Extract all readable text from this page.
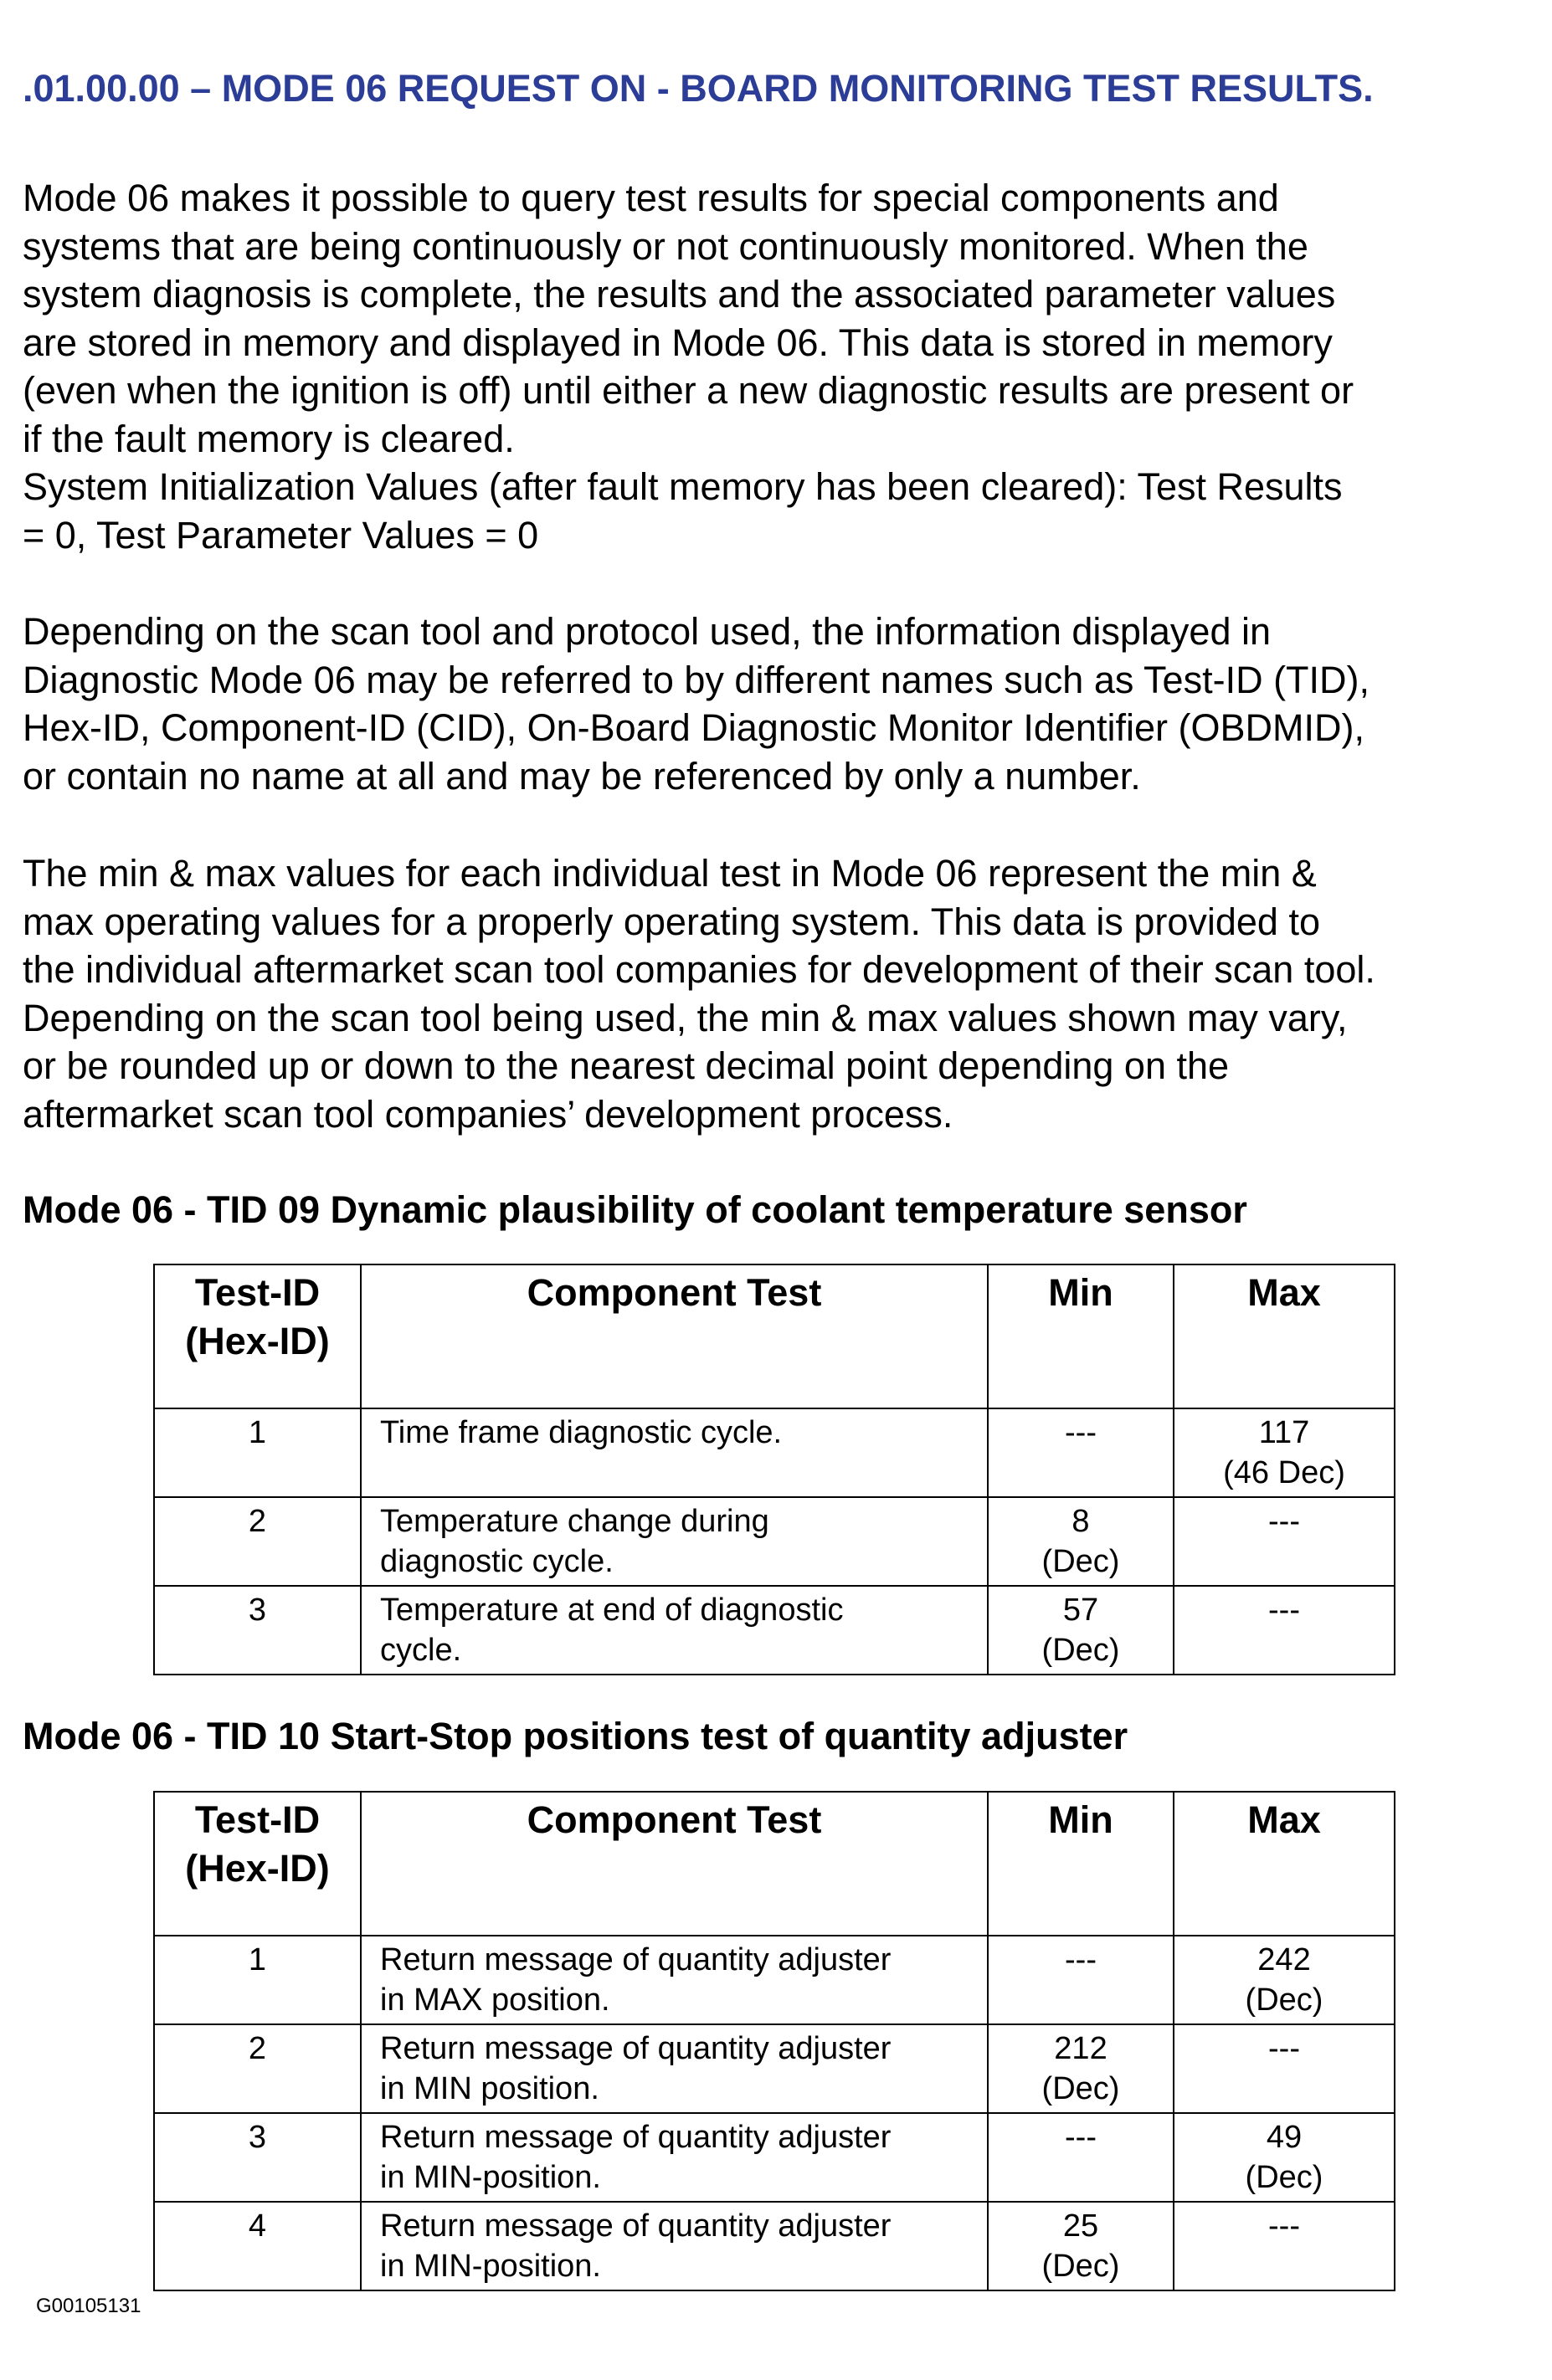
.01.00.00 – MODE 06 REQUEST ON - BOARD MONITORING TEST RESULTS.
Mode 06 makes it possible to query test results for special components and
systems that are being continuously or not continuously monitored. When the
system diagnosis is complete, the results and the associated parameter values
are stored in memory and displayed in Mode 06. This data is stored in memory
(even when the ignition is off) until either a new diagnostic results are present or
if the fault memory is cleared.
System Initialization Values (after fault memory has been cleared): Test Results
= 0, Test Parameter Values = 0
Depending on the scan tool and protocol used, the information displayed in
Diagnostic Mode 06 may be referred to by different names such as Test-ID (TID),
Hex-ID, Component-ID (CID), On-Board Diagnostic Monitor Identifier (OBDMID),
or contain no name at all and may be referenced by only a number.
The min & max values for each individual test in Mode 06 represent the min &
max operating values for a properly operating system. This data is provided to
the individual aftermarket scan tool companies for development of their scan tool.
Depending on the scan tool being used, the min & max values shown may vary,
or be rounded up or down to the nearest decimal point depending on the
aftermarket scan tool companies’ development process.
Mode 06 - TID 09 Dynamic plausibility of coolant temperature sensor
Test-ID
(Hex-ID)	Component Test	Min	Max
1	Time frame diagnostic cycle.	---	117
(46 Dec)

2	Temperature change during
diagnostic cycle.	8
(Dec)	---

3	Temperature at end of diagnostic
cycle.	57
(Dec)	---
Mode 06 - TID 10 Start-Stop positions test of quantity adjuster
Test-ID
(Hex-ID)	Component Test	Min	Max
1	Return message of quantity adjuster
in MAX position.	---	242
(Dec)

2	Return message of quantity adjuster
in MIN position.	212
(Dec)	---

3	Return message of quantity adjuster
in MIN-position.	---	49
(Dec)

4	Return message of quantity adjuster
in MIN-position.	25
(Dec)	---
G00105131
